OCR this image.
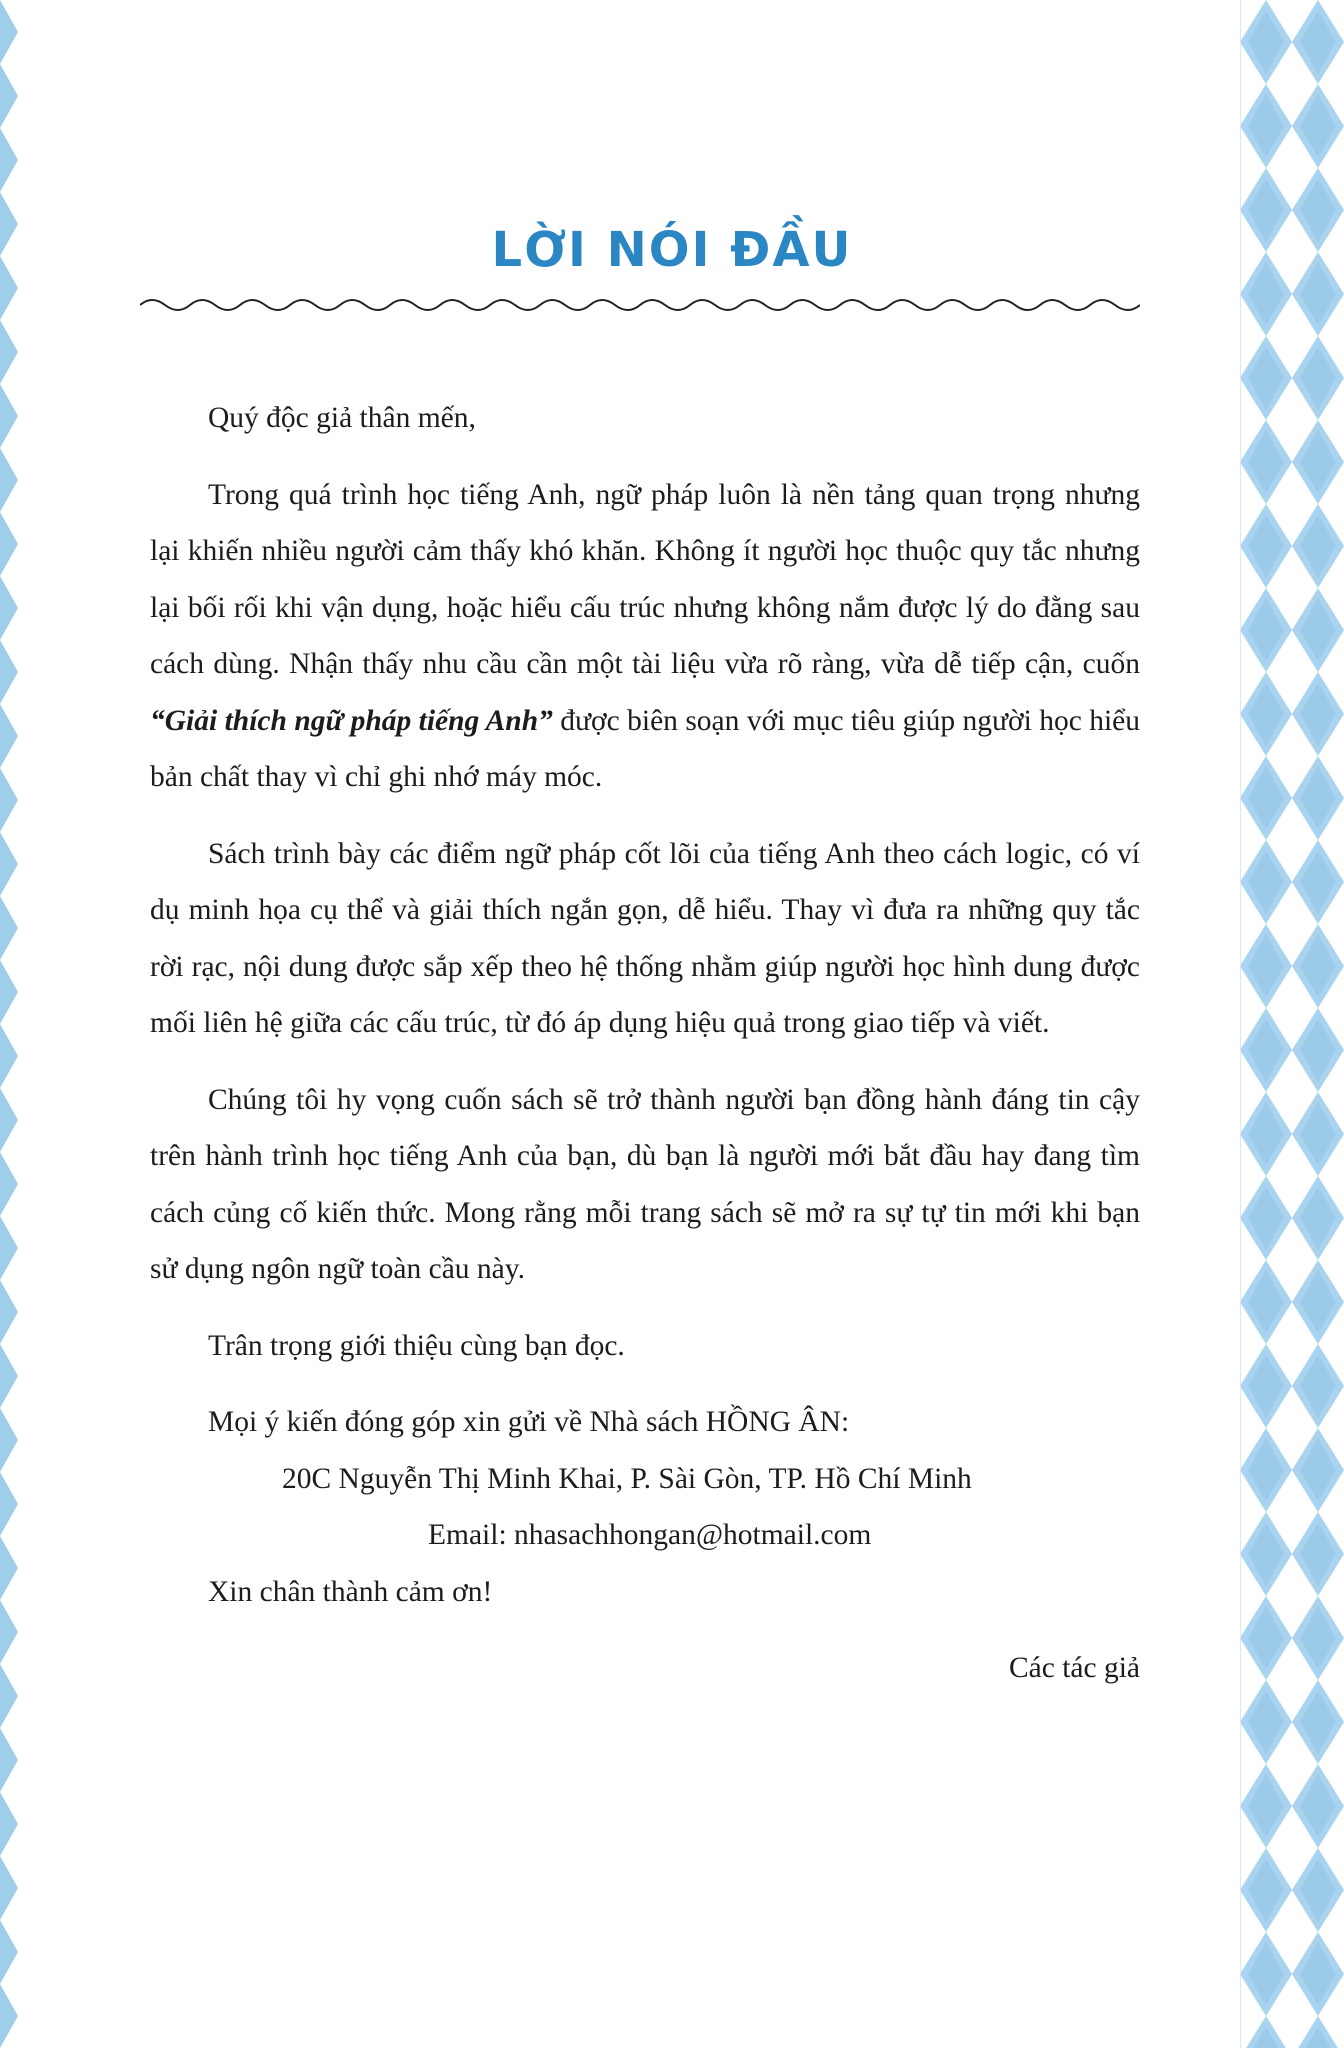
LỜI NÓI ĐẦU

Quý độc giả thân mến,

Trong quá trình học tiếng Anh, ngữ pháp luôn là nền tảng quan trọng nhưng lại khiến nhiều người cảm thấy khó khăn. Không ít người học thuộc quy tắc nhưng lại bối rối khi vận dụng, hoặc hiểu cấu trúc nhưng không nắm được lý do đằng sau cách dùng. Nhận thấy nhu cầu cần một tài liệu vừa rõ ràng, vừa dễ tiếp cận, cuốn “Giải thích ngữ pháp tiếng Anh” được biên soạn với mục tiêu giúp người học hiểu bản chất thay vì chỉ ghi nhớ máy móc.

Sách trình bày các điểm ngữ pháp cốt lõi của tiếng Anh theo cách logic, có ví dụ minh họa cụ thể và giải thích ngắn gọn, dễ hiểu. Thay vì đưa ra những quy tắc rời rạc, nội dung được sắp xếp theo hệ thống nhằm giúp người học hình dung được mối liên hệ giữa các cấu trúc, từ đó áp dụng hiệu quả trong giao tiếp và viết.

Chúng tôi hy vọng cuốn sách sẽ trở thành người bạn đồng hành đáng tin cậy trên hành trình học tiếng Anh của bạn, dù bạn là người mới bắt đầu hay đang tìm cách củng cố kiến thức. Mong rằng mỗi trang sách sẽ mở ra sự tự tin mới khi bạn sử dụng ngôn ngữ toàn cầu này.

Trân trọng giới thiệu cùng bạn đọc.

Mọi ý kiến đóng góp xin gửi về Nhà sách HỒNG ÂN:

20C Nguyễn Thị Minh Khai, P. Sài Gòn, TP. Hồ Chí Minh
Email: nhasachhongan@hotmail.com

Xin chân thành cảm ơn!

Các tác giả
